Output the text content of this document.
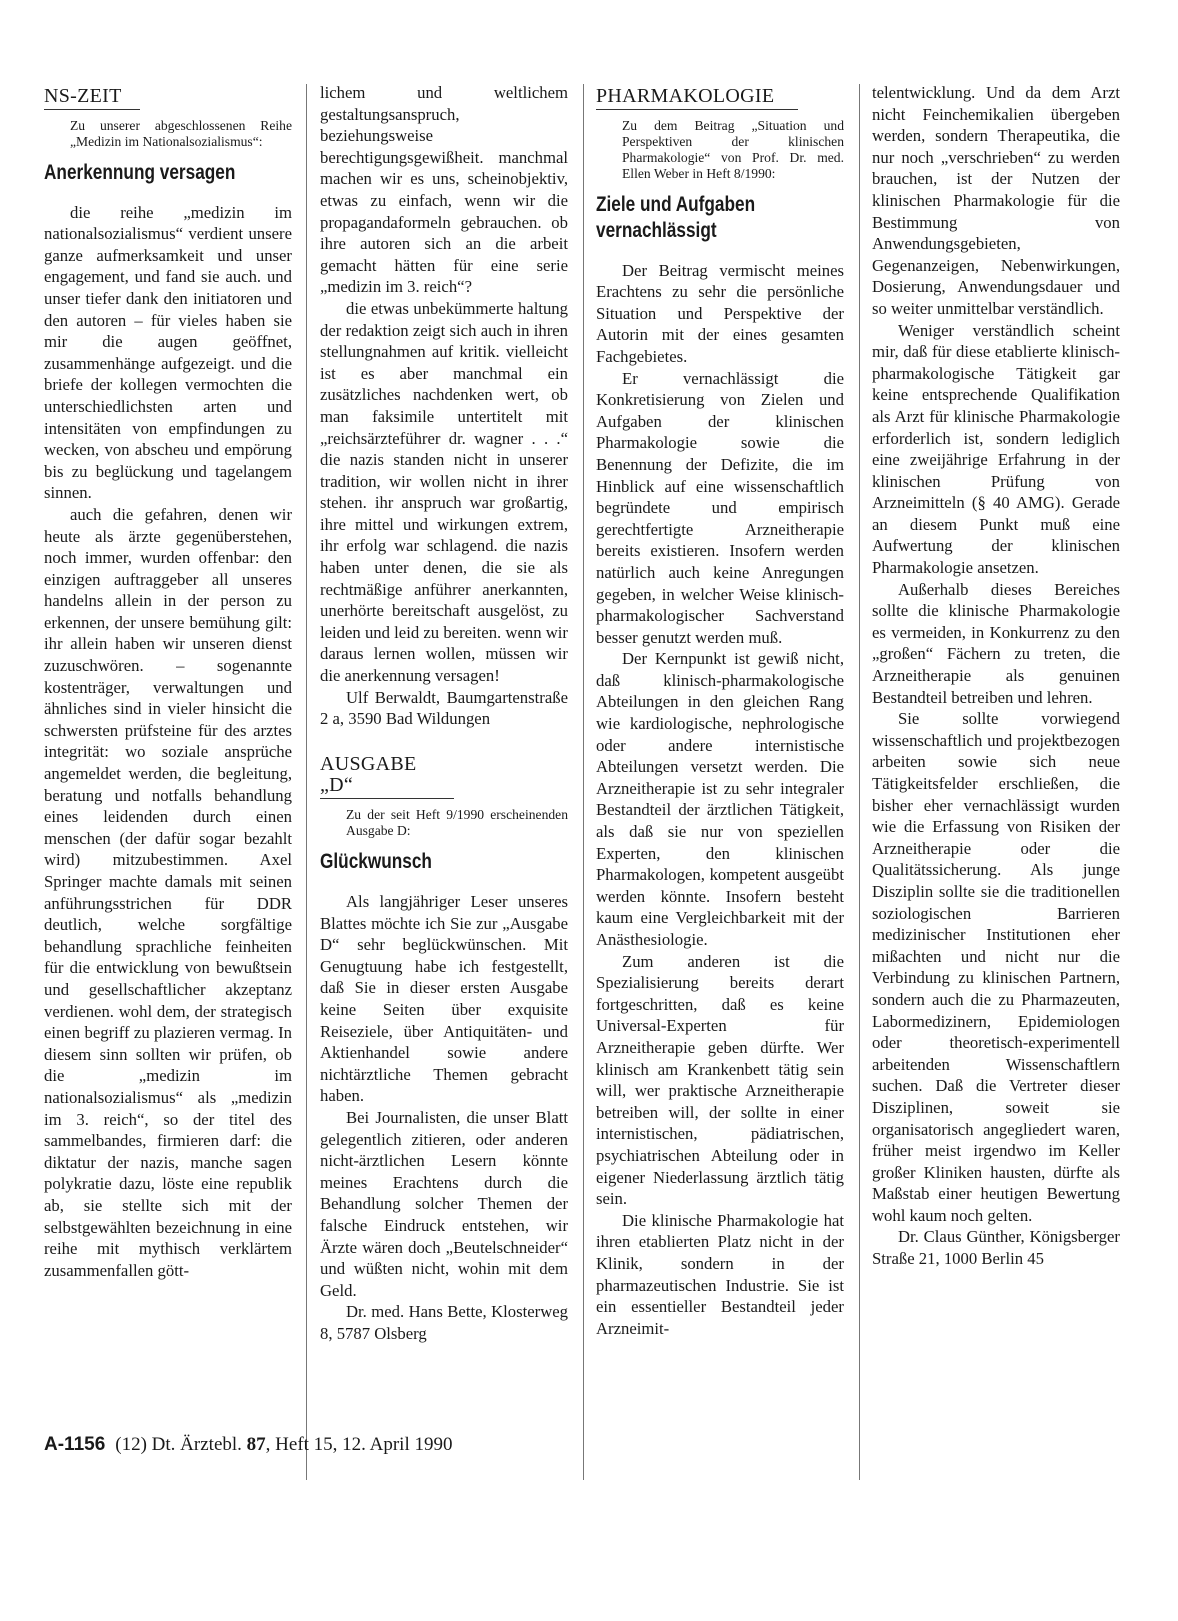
NS-ZEIT
Zu unserer abgeschlossenen Reihe „Medizin im Nationalsozialismus“:
Anerkennung versagen

die reihe „medizin im nationalsozialismus“ verdient unsere ganze aufmerksamkeit und unser engagement, und fand sie auch. und unser tiefer dank den initiatoren und den autoren – für vieles haben sie mir die augen geöffnet, zusammenhänge aufgezeigt. und die briefe der kollegen vermochten die unterschiedlichsten arten und intensitäten von empfindungen zu wecken, von abscheu und empörung bis zu beglückung und tagelangem sinnen.

auch die gefahren, denen wir heute als ärzte gegenüberstehen, noch immer, wurden offenbar: den einzigen auftraggeber all unseres handelns allein in der person zu erkennen, der unsere bemühung gilt: ihr allein haben wir unseren dienst zuzuschwören. – sogenannte kostenträger, verwaltungen und ähnliches sind in vieler hinsicht die schwersten prüfsteine für des arztes integrität: wo soziale ansprüche angemeldet werden, die begleitung, beratung und notfalls behandlung eines leidenden durch einen menschen (der dafür sogar bezahlt wird) mitzubestimmen. Axel Springer machte damals mit seinen anführungsstrichen für DDR deutlich, welche sorgfältige behandlung sprachliche feinheiten für die entwicklung von bewußtsein und gesellschaftlicher akzeptanz verdienen. wohl dem, der strategisch einen begriff zu plazieren vermag. In diesem sinn sollten wir prüfen, ob die „medizin im nationalsozialismus“ als „medizin im 3. reich“, so der titel des sammelbandes, firmieren darf: die diktatur der nazis, manche sagen polykratie dazu, löste eine republik ab, sie stellte sich mit der selbstgewählten bezeichnung in eine reihe mit mythisch verklärtem zusammenfallen gött-

lichem und weltlichem gestaltungsanspruch, beziehungsweise berechtigungsgewißheit. manchmal machen wir es uns, scheinobjektiv, etwas zu einfach, wenn wir die propagandaformeln gebrauchen. ob ihre autoren sich an die arbeit gemacht hätten für eine serie „medizin im 3. reich“?

die etwas unbekümmerte haltung der redaktion zeigt sich auch in ihren stellungnahmen auf kritik. vielleicht ist es aber manchmal ein zusätzliches nachdenken wert, ob man faksimile untertitelt mit „reichsärzteführer dr. wagner . . .“ die nazis standen nicht in unserer tradition, wir wollen nicht in ihrer stehen. ihr anspruch war großartig, ihre mittel und wirkungen extrem, ihr erfolg war schlagend. die nazis haben unter denen, die sie als rechtmäßige anführer anerkannten, unerhörte bereitschaft ausgelöst, zu leiden und leid zu bereiten. wenn wir daraus lernen wollen, müssen wir die anerkennung versagen!

Ulf Berwaldt, Baumgartenstraße 2 a, 3590 Bad Wildungen

AUSGABE „D“
Zu der seit Heft 9/1990 erscheinenden Ausgabe D:
Glückwunsch

Als langjähriger Leser unseres Blattes möchte ich Sie zur „Ausgabe D“ sehr beglückwünschen. Mit Genugtuung habe ich festgestellt, daß Sie in dieser ersten Ausgabe keine Seiten über exquisite Reiseziele, über Antiquitäten- und Aktienhandel sowie andere nichtärztliche Themen gebracht haben.

Bei Journalisten, die unser Blatt gelegentlich zitieren, oder anderen nicht-ärztlichen Lesern könnte meines Erachtens durch die Behandlung solcher Themen der falsche Eindruck entstehen, wir Ärzte wären doch „Beutelschneider“ und wüßten nicht, wohin mit dem Geld.

Dr. med. Hans Bette, Klosterweg 8, 5787 Olsberg

PHARMAKOLOGIE
Zu dem Beitrag „Situation und Perspektiven der klinischen Pharmakologie“ von Prof. Dr. med. Ellen Weber in Heft 8/1990:
Ziele und Aufgaben vernachlässigt

Der Beitrag vermischt meines Erachtens zu sehr die persönliche Situation und Perspektive der Autorin mit der eines gesamten Fachgebietes.

Er vernachlässigt die Konkretisierung von Zielen und Aufgaben der klinischen Pharmakologie sowie die Benennung der Defizite, die im Hinblick auf eine wissenschaftlich begründete und empirisch gerechtfertigte Arzneitherapie bereits existieren. Insofern werden natürlich auch keine Anregungen gegeben, in welcher Weise klinisch-pharmakologischer Sachverstand besser genutzt werden muß.

Der Kernpunkt ist gewiß nicht, daß klinisch-pharmakologische Abteilungen in den gleichen Rang wie kardiologische, nephrologische oder andere internistische Abteilungen versetzt werden. Die Arzneitherapie ist zu sehr integraler Bestandteil der ärztlichen Tätigkeit, als daß sie nur von speziellen Experten, den klinischen Pharmakologen, kompetent ausgeübt werden könnte. Insofern besteht kaum eine Vergleichbarkeit mit der Anästhesiologie.

Zum anderen ist die Spezialisierung bereits derart fortgeschritten, daß es keine Universal-Experten für Arzneitherapie geben dürfte. Wer klinisch am Krankenbett tätig sein will, wer praktische Arzneitherapie betreiben will, der sollte in einer internistischen, pädiatrischen, psychiatrischen Abteilung oder in eigener Niederlassung ärztlich tätig sein.

Die klinische Pharmakologie hat ihren etablierten Platz nicht in der Klinik, sondern in der pharmazeutischen Industrie. Sie ist ein essentieller Bestandteil jeder Arzneimit-

telentwicklung. Und da dem Arzt nicht Feinchemikalien übergeben werden, sondern Therapeutika, die nur noch „verschrieben“ zu werden brauchen, ist der Nutzen der klinischen Pharmakologie für die Bestimmung von Anwendungsgebieten, Gegenanzeigen, Nebenwirkungen, Dosierung, Anwendungsdauer und so weiter unmittelbar verständlich.

Weniger verständlich scheint mir, daß für diese etablierte klinisch-pharmakologische Tätigkeit gar keine entsprechende Qualifikation als Arzt für klinische Pharmakologie erforderlich ist, sondern lediglich eine zweijährige Erfahrung in der klinischen Prüfung von Arzneimitteln (§ 40 AMG). Gerade an diesem Punkt muß eine Aufwertung der klinischen Pharmakologie ansetzen.

Außerhalb dieses Bereiches sollte die klinische Pharmakologie es vermeiden, in Konkurrenz zu den „großen“ Fächern zu treten, die Arzneitherapie als genuinen Bestandteil betreiben und lehren.

Sie sollte vorwiegend wissenschaftlich und projektbezogen arbeiten sowie sich neue Tätigkeitsfelder erschließen, die bisher eher vernachlässigt wurden wie die Erfassung von Risiken der Arzneitherapie oder die Qualitätssicherung. Als junge Disziplin sollte sie die traditionellen soziologischen Barrieren medizinischer Institutionen eher mißachten und nicht nur die Verbindung zu klinischen Partnern, sondern auch die zu Pharmazeuten, Labormedizinern, Epidemiologen oder theoretisch-experimentell arbeitenden Wissenschaftlern suchen. Daß die Vertreter dieser Disziplinen, soweit sie organisatorisch angegliedert waren, früher meist irgendwo im Keller großer Kliniken hausten, dürfte als Maßstab einer heutigen Bewertung wohl kaum noch gelten.

Dr. Claus Günther, Königsberger Straße 21, 1000 Berlin 45

A-1156 (12) Dt. Ärztebl. 87, Heft 15, 12. April 1990
